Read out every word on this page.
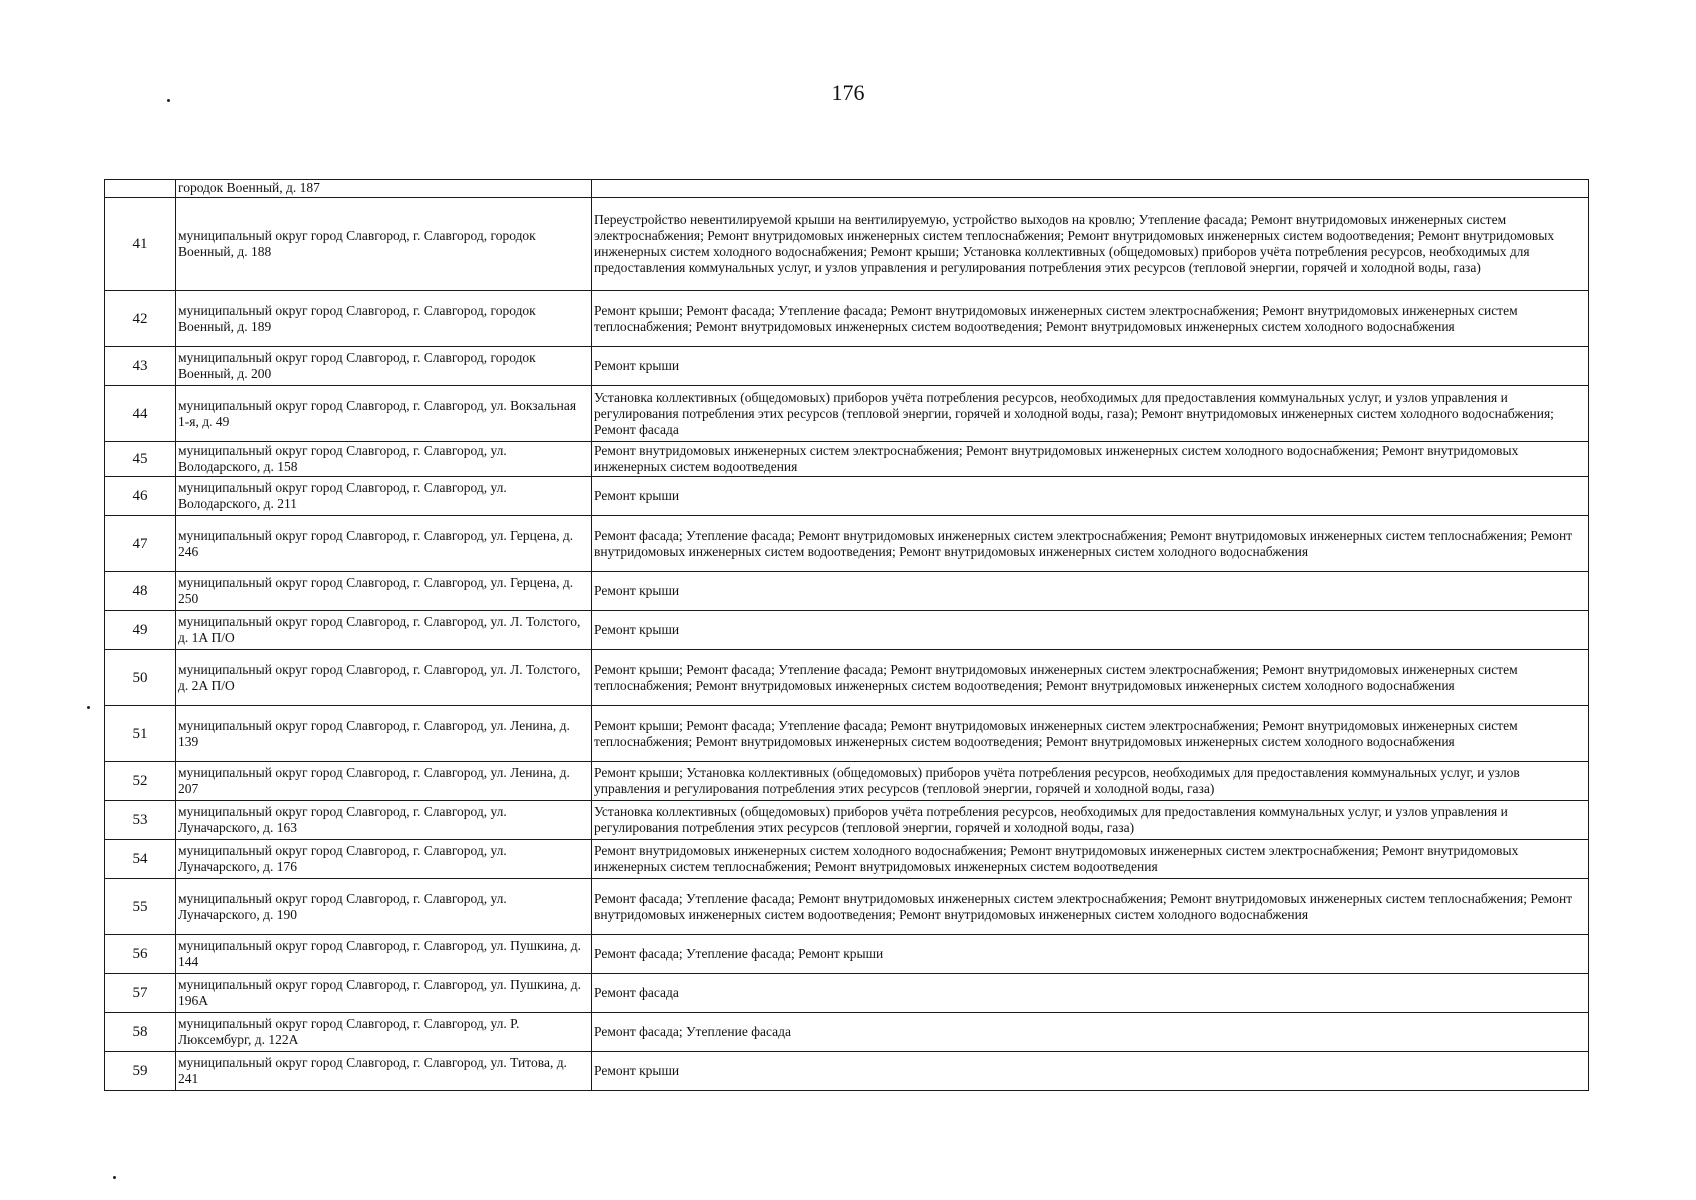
176
	городок Военный, д. 187	
41	муниципальный округ город Славгород, г. Славгород, городок Военный, д. 188	Переустройство невентилируемой крыши на вентилируемую, устройство выходов на кровлю; Утепление фасада; Ремонт внутридомовых инженерных систем электроснабжения; Ремонт внутридомовых инженерных систем теплоснабжения; Ремонт внутридомовых инженерных систем водоотведения; Ремонт внутридомовых инженерных систем холодного водоснабжения; Ремонт крыши; Установка коллективных (общедомовых) приборов учёта потребления ресурсов, необходимых для предоставления коммунальных услуг, и узлов управления и регулирования потребления этих ресурсов (тепловой энергии, горячей и холодной воды, газа)
42	муниципальный округ город Славгород, г. Славгород, городок Военный, д. 189	Ремонт крыши; Ремонт фасада; Утепление фасада; Ремонт внутридомовых инженерных систем электроснабжения; Ремонт внутридомовых инженерных систем теплоснабжения; Ремонт внутридомовых инженерных систем водоотведения; Ремонт внутридомовых инженерных систем холодного водоснабжения
43	муниципальный округ город Славгород, г. Славгород, городок Военный, д. 200	Ремонт крыши
44	муниципальный округ город Славгород, г. Славгород, ул. Вокзальная 1-я, д. 49	Установка коллективных (общедомовых) приборов учёта потребления ресурсов, необходимых для предоставления коммунальных услуг, и узлов управления и регулирования потребления этих ресурсов (тепловой энергии, горячей и холодной воды, газа); Ремонт внутридомовых инженерных систем холодного водоснабжения; Ремонт фасада
45	муниципальный округ город Славгород, г. Славгород, ул. Володарского, д. 158	Ремонт внутридомовых инженерных систем электроснабжения; Ремонт внутридомовых инженерных систем холодного водоснабжения; Ремонт внутридомовых инженерных систем водоотведения
46	муниципальный округ город Славгород, г. Славгород, ул. Володарского, д. 211	Ремонт крыши
47	муниципальный округ город Славгород, г. Славгород, ул. Герцена, д. 246	Ремонт фасада; Утепление фасада; Ремонт внутридомовых инженерных систем электроснабжения; Ремонт внутридомовых инженерных систем теплоснабжения; Ремонт внутридомовых инженерных систем водоотведения; Ремонт внутридомовых инженерных систем холодного водоснабжения
48	муниципальный округ город Славгород, г. Славгород, ул. Герцена, д. 250	Ремонт крыши
49	муниципальный округ город Славгород, г. Славгород, ул. Л. Толстого, д. 1А П/О	Ремонт крыши
50	муниципальный округ город Славгород, г. Славгород, ул. Л. Толстого, д. 2А П/О	Ремонт крыши; Ремонт фасада; Утепление фасада; Ремонт внутридомовых инженерных систем электроснабжения; Ремонт внутридомовых инженерных систем теплоснабжения; Ремонт внутридомовых инженерных систем водоотведения; Ремонт внутридомовых инженерных систем холодного водоснабжения
51	муниципальный округ город Славгород, г. Славгород, ул. Ленина, д. 139	Ремонт крыши; Ремонт фасада; Утепление фасада; Ремонт внутридомовых инженерных систем электроснабжения; Ремонт внутридомовых инженерных систем теплоснабжения; Ремонт внутридомовых инженерных систем водоотведения; Ремонт внутридомовых инженерных систем холодного водоснабжения
52	муниципальный округ город Славгород, г. Славгород, ул. Ленина, д. 207	Ремонт крыши; Установка коллективных (общедомовых) приборов учёта потребления ресурсов, необходимых для предоставления коммунальных услуг, и узлов управления и регулирования потребления этих ресурсов (тепловой энергии, горячей и холодной воды, газа)
53	муниципальный округ город Славгород, г. Славгород, ул. Луначарского, д. 163	Установка коллективных (общедомовых) приборов учёта потребления ресурсов, необходимых для предоставления коммунальных услуг, и узлов управления и регулирования потребления этих ресурсов (тепловой энергии, горячей и холодной воды, газа)
54	муниципальный округ город Славгород, г. Славгород, ул. Луначарского, д. 176	Ремонт внутридомовых инженерных систем холодного водоснабжения; Ремонт внутридомовых инженерных систем электроснабжения; Ремонт внутридомовых инженерных систем теплоснабжения; Ремонт внутридомовых инженерных систем водоотведения
55	муниципальный округ город Славгород, г. Славгород, ул. Луначарского, д. 190	Ремонт фасада; Утепление фасада; Ремонт внутридомовых инженерных систем электроснабжения; Ремонт внутридомовых инженерных систем теплоснабжения; Ремонт внутридомовых инженерных систем водоотведения; Ремонт внутридомовых инженерных систем холодного водоснабжения
56	муниципальный округ город Славгород, г. Славгород, ул. Пушкина, д. 144	Ремонт фасада; Утепление фасада; Ремонт крыши
57	муниципальный округ город Славгород, г. Славгород, ул. Пушкина, д. 196А	Ремонт фасада
58	муниципальный округ город Славгород, г. Славгород, ул. Р. Люксембург, д. 122А	Ремонт фасада; Утепление фасада
59	муниципальный округ город Славгород, г. Славгород, ул. Титова, д. 241	Ремонт крыши
